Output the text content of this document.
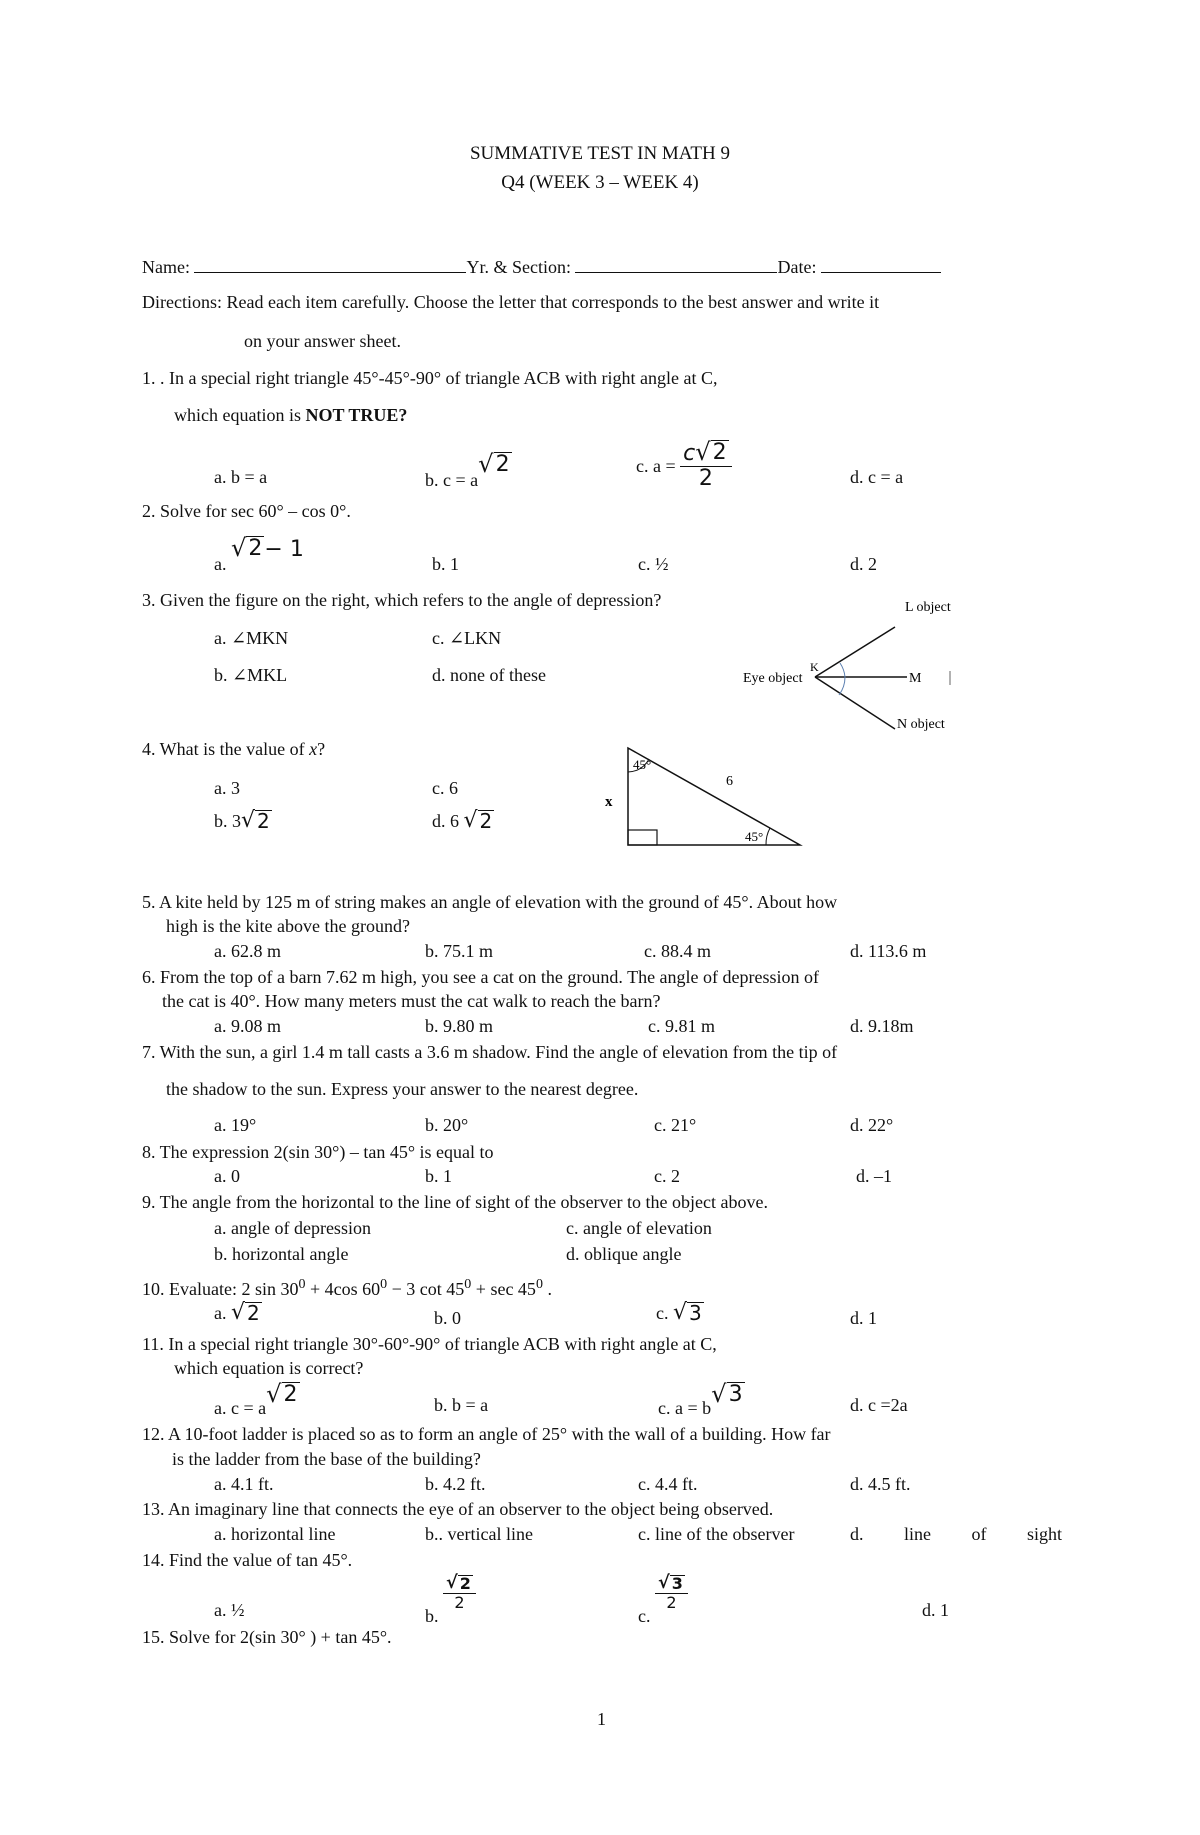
SUMMATIVE TEST IN MATH 9
Q4 (WEEK 3 – WEEK 4)
Name:	Yr. & Section:	Date:
Directions: Read each item carefully. Choose the letter that corresponds to the best answer and write it
on your answer sheet.
1. . In a special right triangle 45°-45°-90° of triangle ACB with right angle at C,
which equation is NOT TRUE?
a. b = a	b. c = a
√ 2	c. $a = \frac{c √ 2}{2}$	d. c = a
2. Solve for sec 60° – cos 0°.
a.
√ 2 − 1
b. 1	c. ½	d. 2
3. Given the figure on the right, which refers to the angle of depression?
a. ∠MKN	c. ∠LKN
b. ∠MKL	d. none of these
L object
Eye object
K
M
N object
4. What is the value of x?
a. 3	c. 6
b. 3 √ 2	d. 6 √ 2
45°
45°
6
x
5. A kite held by 125 m of string makes an angle of elevation with the ground of 45°. About how
high is the kite above the ground?
a. 62.8 m	b. 75.1 m	c. 88.4 m	d. 113.6 m
6. From the top of a barn 7.62 m high, you see a cat on the ground. The angle of depression of
the cat is 40°. How many meters must the cat walk to reach the barn?
a. 9.08 m	b. 9.80 m	c. 9.81 m	d. 9.18m
7. With the sun, a girl 1.4 m tall casts a 3.6 m shadow. Find the angle of elevation from the tip of
the shadow to the sun. Express your answer to the nearest degree.
a. 19°	b. 20°	c. 21°	d. 22°
8. The expression 2(sin 30°) – tan 45° is equal to
a. 0	b. 1	c. 2	d. –1
9. The angle from the horizontal to the line of sight of the observer to the object above.
a. angle of depression	c. angle of elevation
b. horizontal angle	d. oblique angle
10. Evaluate: 2 $\sin 30^0 + 4\cos$ $60^0 - 3$ $\cot 45^0 + \sec 45^0$ .
a. √ 2	b. 0	c. √ 3	d. 1
11. In a special right triangle 30°-60°-90° of triangle ACB with right angle at C,
which equation is correct?
a. c = a √ 2	b. b = a	c. a = b √ 3	d. c =2a
12. A 10-foot ladder is placed so as to form an angle of 25° with the wall of a building. How far
is the ladder from the base of the building?
a. 4.1 ft.	b. 4.2 ft.	c. 4.4 ft.	d. 4.5 ft.
13. An imaginary line that connects the eye of an observer to the object being observed.
a. horizontal line	b.. vertical line	c. line of the observer	d. line of sight
14. Find the value of tan 45°.
a. ½	b.
$\frac{√ 2}{2}$
c.
$\frac{√ 3}{2}$	d. 1
15. Solve for 2(sin 30° ) + tan 45°.
1
